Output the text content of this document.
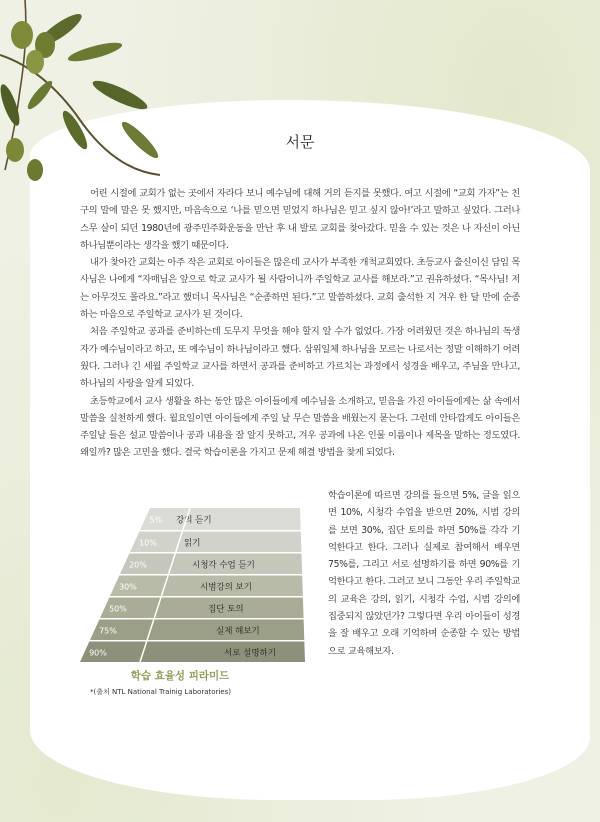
서문

어린 시절에 교회가 없는 곳에서 자라다 보니 예수님에 대해 거의 듣지를 못했다. 여고 시절에 “교회 가자”는 친구의 말에 말은 못 했지만, 마음속으로 ‘나를 믿으면 믿었지 하나님은 믿고 싶지 않아!’라고 말하고 싶었다. 그러나 스무 살이 되던 1980년에 광주민주화운동을 만난 후 내 발로 교회를 찾아갔다. 믿을 수 있는 것은 나 자신이 아닌 하나님뿐이라는 생각을 했기 때문이다.

내가 찾아간 교회는 아주 작은 교회로 아이들은 많은데 교사가 부족한 개척교회였다. 초등교사 출신이신 담임 목사님은 나에게 “자매님은 앞으로 학교 교사가 될 사람이니까 주일학교 교사를 해보라.”고 권유하셨다. “목사님! 저는 아무것도 몰라요.”라고 했더니 목사님은 “순종하면 된다.”고 말씀하셨다. 교회 출석한 지 겨우 한 달 만에 순종하는 마음으로 주일학교 교사가 된 것이다.

처음 주일학교 공과를 준비하는데 도무지 무엇을 해야 할지 알 수가 없었다. 가장 어려웠던 것은 하나님의 독생자가 예수님이라고 하고, 또 예수님이 하나님이라고 했다. 삼위일체 하나님을 모르는 나로서는 정말 이해하기 어려웠다. 그러나 긴 세월 주일학교 교사를 하면서 공과를 준비하고 가르치는 과정에서 성경을 배우고, 주님을 만나고, 하나님의 사랑을 알게 되었다.

초등학교에서 교사 생활을 하는 동안 많은 아이들에게 예수님을 소개하고, 믿음을 가진 아이들에게는 삶 속에서 말씀을 실천하게 했다. 월요일이면 아이들에게 주일 날 무슨 말씀을 배웠는지 묻는다. 그런데 안타깝게도 아이들은 주일날 들은 설교 말씀이나 공과 내용을 잘 알지 못하고, 겨우 공과에 나온 인물 이름이나 제목을 말하는 정도였다. 왜일까? 많은 고민을 했다. 결국 학습이론을 가지고 문제 해결 방법을 찾게 되었다.

5% 강의 듣기
10%	읽기
20%	시청각 수업 듣기
30%	시범강의 보기
50%	집단 토의
75%	실제 해보기
90%	서로 설명하기

학습이론에 따르면 강의를 들으면 5%, 글을 읽으면 10%, 시청각 수업을 받으면 20%, 시범 강의를 보면 30%, 집단 토의를 하면 50%를 각각 기억한다고 한다. 그러나 실제로 참여해서 배우면 75%를, 그리고 서로 설명하기를 하면 90%를 기억한다고 한다. 그러고 보니 그동안 우리 주일학교의 교육은 강의, 읽기, 시청각 수업, 시범 강의에 집중되지 않았던가? 그렇다면 우리 아이들이 성경을 잘 배우고 오래 기억하며 순종할 수 있는 방법으로 교육해보자.

학습 효율성 피라미드
*(출처 NTL National Trainig Laboratories)
